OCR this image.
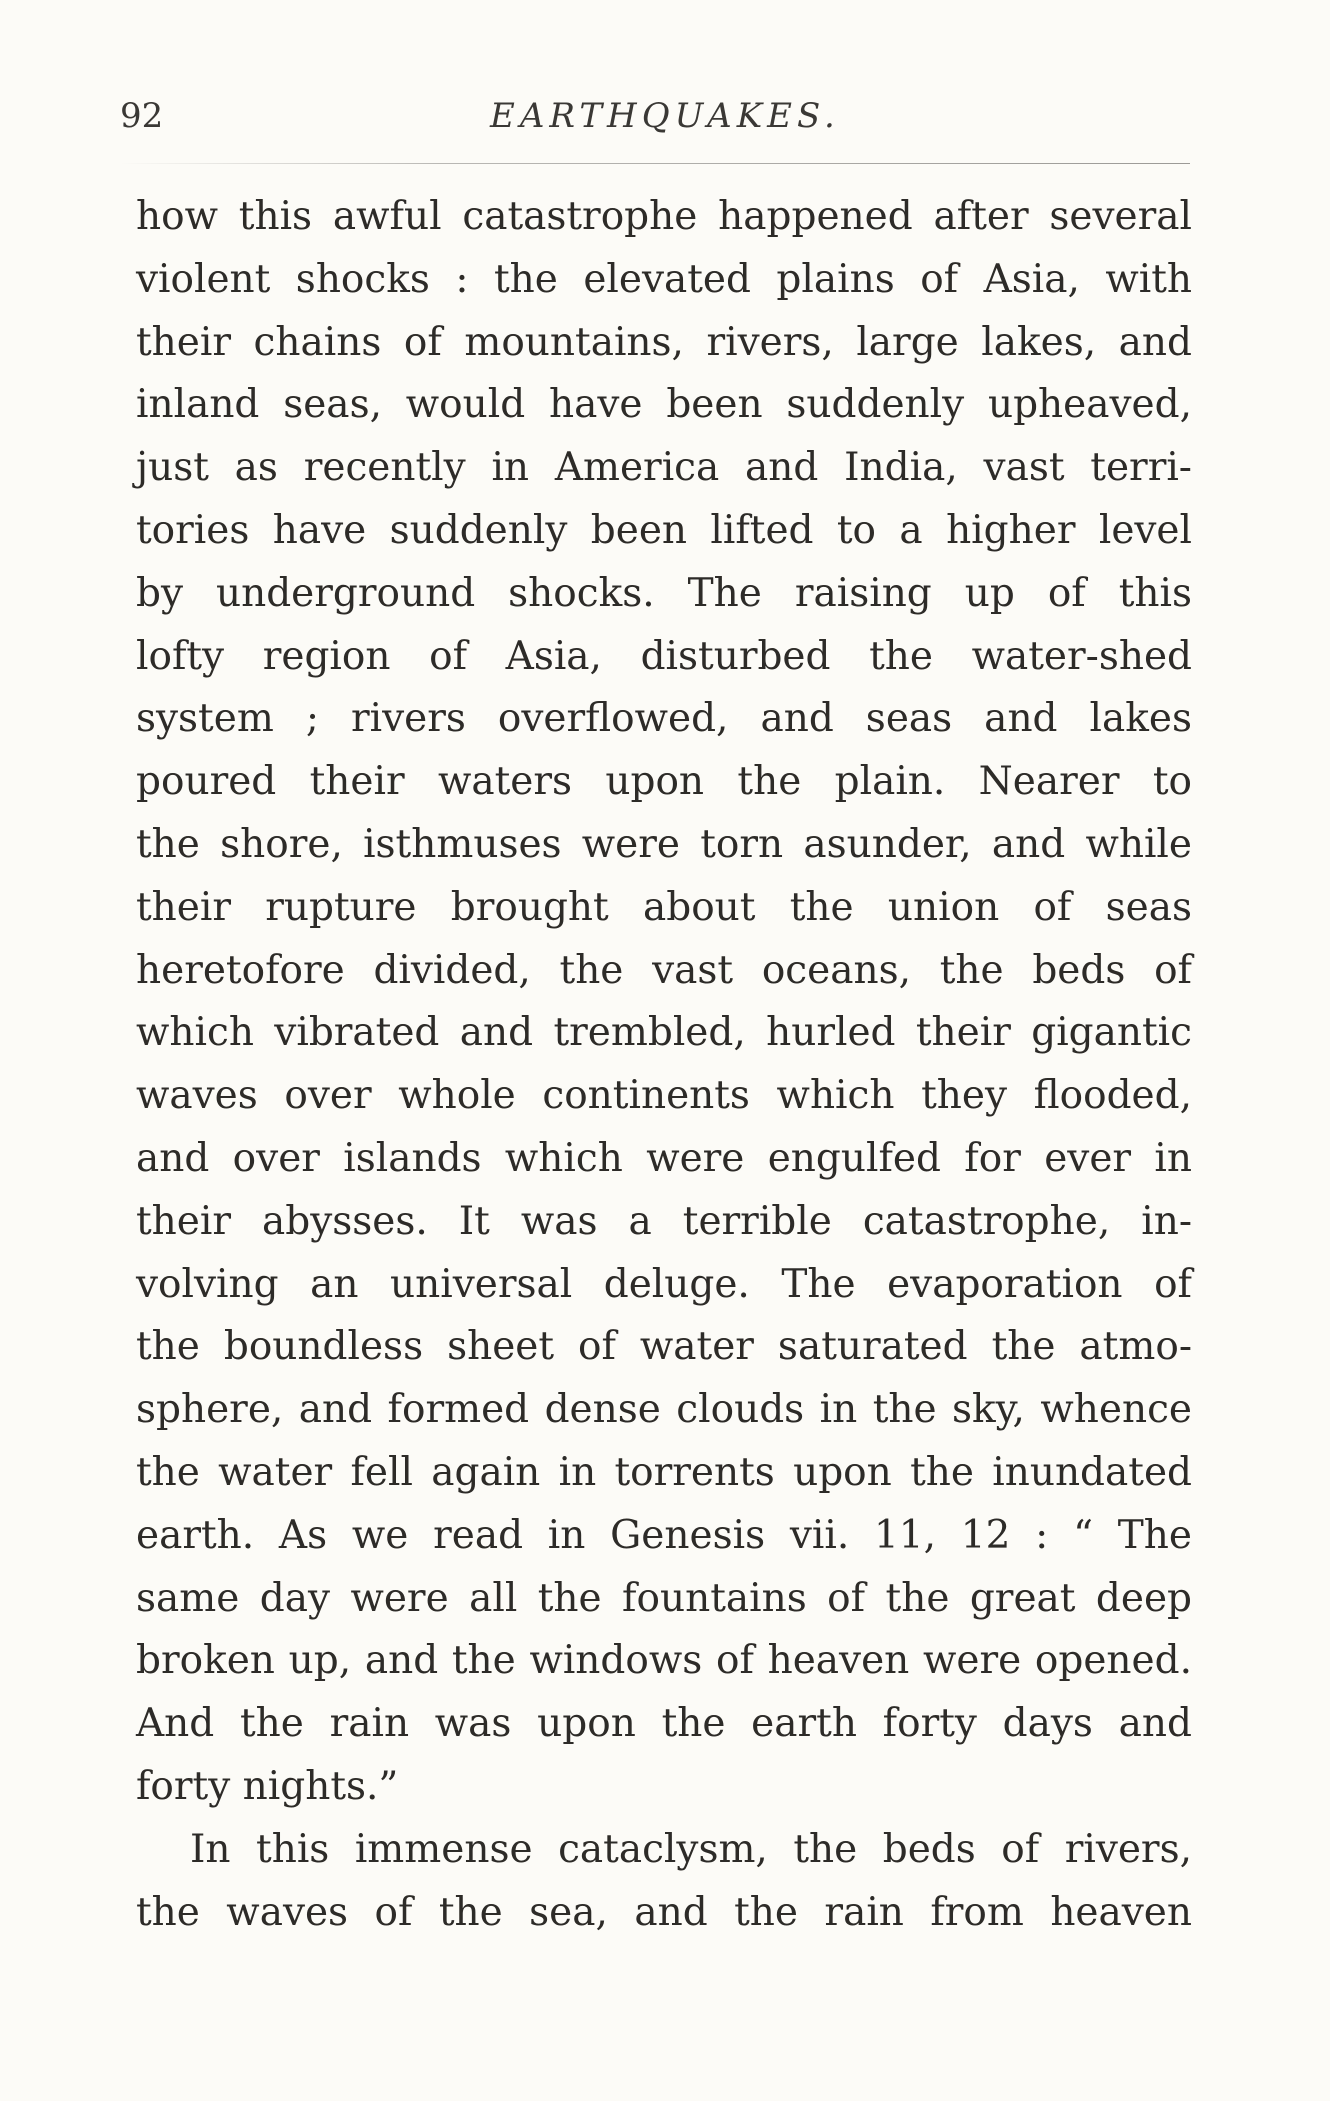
92	EARTHQUAKES.
how this awful catastrophe happened after several
violent shocks : the elevated plains of Asia, with
their chains of mountains, rivers, large lakes, and
inland seas, would have been suddenly upheaved,
just as recently in America and India, vast terri-
tories have suddenly been lifted to a higher level
by underground shocks. The raising up of this
lofty region of Asia, disturbed the water-shed
system ; rivers overflowed, and seas and lakes
poured their waters upon the plain. Nearer to
the shore, isthmuses were torn asunder, and while
their rupture brought about the union of seas
heretofore divided, the vast oceans, the beds of
which vibrated and trembled, hurled their gigantic
waves over whole continents which they flooded,
and over islands which were engulfed for ever in
their abysses. It was a terrible catastrophe, in-
volving an universal deluge. The evaporation of
the boundless sheet of water saturated the atmo-
sphere, and formed dense clouds in the sky, whence
the water fell again in torrents upon the inundated
earth. As we read in Genesis vii. 11, 12 : “ The
same day were all the fountains of the great deep
broken up, and the windows of heaven were opened.
And the rain was upon the earth forty days and
forty nights.”
In this immense cataclysm, the beds of rivers,
the waves of the sea, and the rain from heaven
